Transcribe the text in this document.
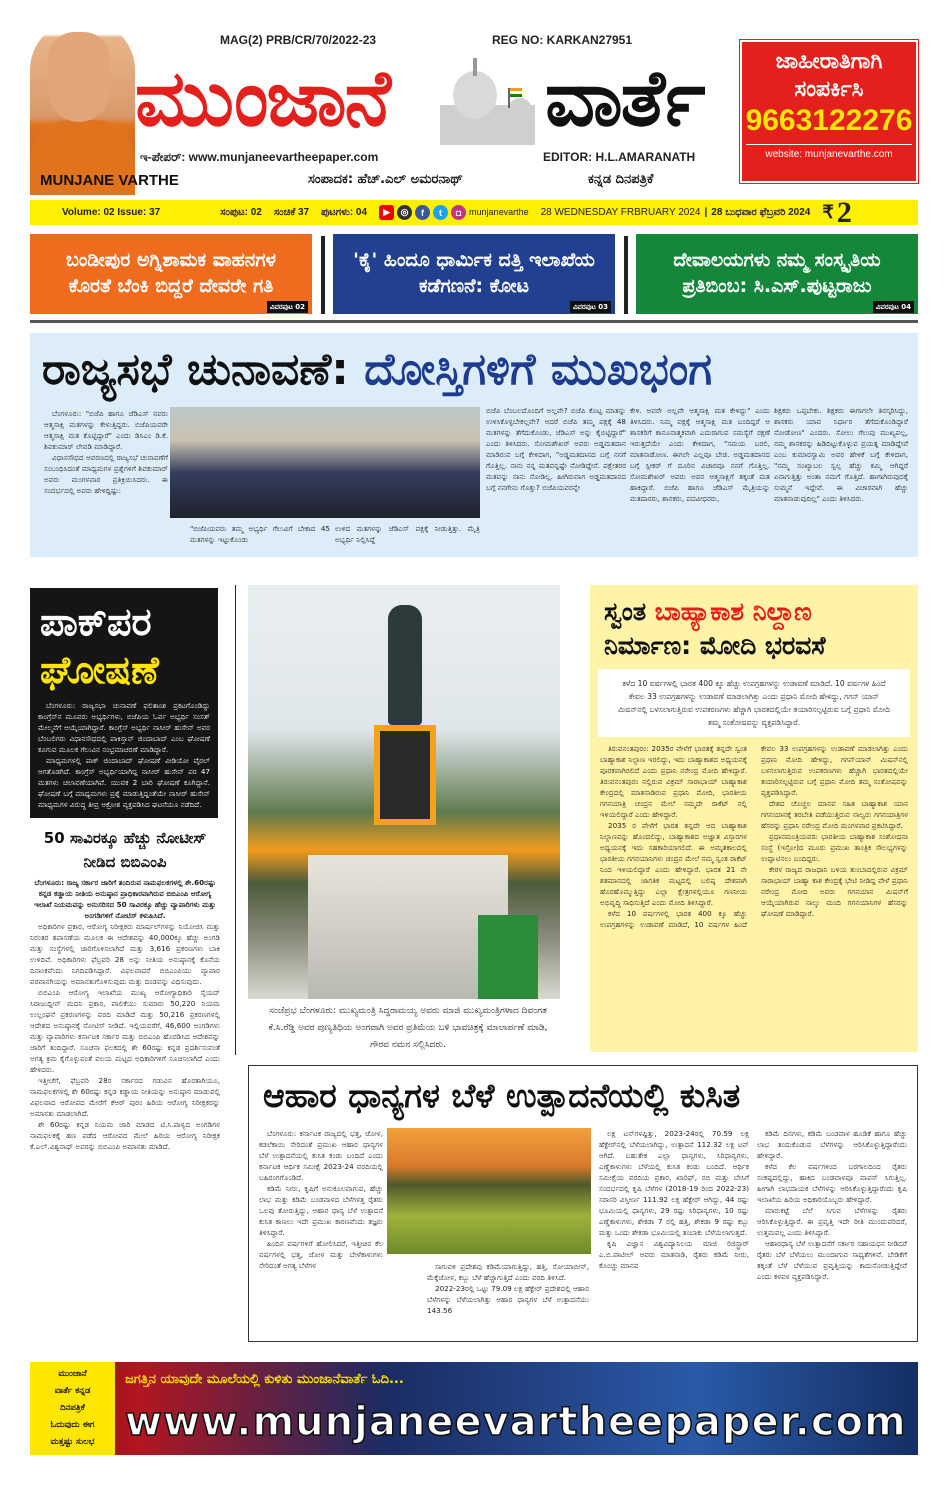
MAG(2) PRB/CR/70/2022-23	REG NO: KARKAN27951
ಮುಂಜಾನೆ ವಾರ್ತೆ
ಇ-ಪೇಪರ್: www.munjaneevartheepaper.com	EDITOR: H.L.AMARANATH
MUNJANE VARTHE	ಸಂಪಾದಕ: ಹೆಚ್.ಎಲ್ ಅಮರನಾಥ್	ಕನ್ನಡ ದಿನಪತ್ರಿಕೆ
ಜಾಹೀರಾತಿಗಾಗಿ
ಸಂಪರ್ಕಿಸಿ
9663122276
website: munjanevarthe.com
Volume: 02 Issue: 37	ಸಂಪುಟ: 02 ಸಂಚಿಕೆ 37 ಪುಟಗಳು: 04	▶	◎	f	t	◘ munjanevarthe 28 WEDNESDAY FRBRUARY 2024 | 28 ಬುಧವಾರ ಫೆಬ್ರವರಿ 2024 ₹ 2
ಬಂಡೀಪುರ ಅಗ್ನಿಶಾಮಕ ವಾಹನಗಳ ಕೊರತೆ ಬೆಂಕಿ ಬಿದ್ದರೆ ದೇವರೇ ಗತಿ
ವಿವರಪುಟ 02
'ಕೈ' ಹಿಂದೂ ಧಾರ್ಮಿಕ ದತ್ತಿ ಇಲಾಖೆಯ ಕಡೆಗಣನೆ: ಕೋಟ
ವಿವರಪುಟ 03
ದೇವಾಲಯಗಳು ನಮ್ಮ ಸಂಸ್ಕೃತಿಯ ಪ್ರತಿಬಿಂಬ: ಸಿ.ಎಸ್.ಪುಟ್ಟರಾಜು
ವಿವರಪುಟ 04
ರಾಜ್ಯಸಭೆ ಚುನಾವಣೆ: ದೋಸ್ತಿಗಳಿಗೆ ಮುಖಭಂಗ

ಬೆಂಗಳೂರು: "ಬಿಜೆಪಿ ಹಾಗೂ ಜೆಡಿಎಸ್ ನವರು ಆತ್ಮಸಾಕ್ಷಿ ಮತಗಳನ್ನು ಕೇಳುತ್ತಿದ್ದರು. ಬಿಜೆಪಿಯವರೇ ಆತ್ಮಸಾಕ್ಷಿ ಮತ ಕೊಟ್ಟಿದ್ದಾರೆ" ಎಂದು ಡಿಸಿಎಂ ಡಿ.ಕೆ. ಶಿವಕುಮಾರ್ ಲೇವಡಿ ಮಾಡಿದ್ದಾರೆ.

ವಿಧಾನಸೌಧದ ಆವರಣದಲ್ಲಿ ರಾಜ್ಯಸಭೆ ಚುನಾವಣೆಗೆ ಸಂಬಂಧಿಸಿದಂತೆ ಮಾಧ್ಯಮಗಳ ಪ್ರಶ್ನೆಗಳಿಗೆ ಶಿವಕುಮಾರ್ ಅವರು ಮಂಗಳವಾರ ಪ್ರತಿಕ್ರಿಯಿಸಿದರು. ಈ ಸಂದರ್ಭದಲ್ಲಿ ಅವರು ಹೇಳಿದ್ದಿಷ್ಟು:

"ಬಿಜೆಪಿಯವರು ತಮ್ಮ ಅಭ್ಯರ್ಥಿ ಗೆಲುವಿಗೆ ಬೇಕಾದ 45 ಮತಗಳನ್ನು ಇಟ್ಟುಕೊಂಡು
ಉಳಿದ ಮತಗಳನ್ನು ಜೆಡಿಎಸ್ ಪಕ್ಷಕ್ಕೆ ನೀಡುತ್ತಿತ್ತು. ಮೈತ್ರಿ ಅಭ್ಯರ್ಥಿ ನಿಲ್ಲಿಸಿದ್ದೆ
ಬಿಜೆಪಿ ಬೆಂಬಲದೊಂದಿಗೆ ಅಲ್ಲವೇ? ಬಿಜೆಪಿ ಕೊಟ್ಟ ಮಾತನ್ನು ಉಳಿಸಿಕೊಳ್ಳಬೇಕಲ್ಲವೇ? ಆದರೆ ಬಿಜೆಪಿ ತಮ್ಮ ಪಕ್ಷಕ್ಕೆ 48 ಮತಗಳನ್ನು ತೆಗೆದುಕೊಂಡು, ಜೆಡಿಎಸ್ ಅನ್ನು ಕೈಬಿಟ್ಟಿದ್ದಾರೆ" ಎಂದು ತಿಳಿಸಿದರು. ಸೋಮಶೇಖರ್ ಅವರು ಅಡ್ಡಮತದಾನ ಮಾಡಿರುವ ಬಗ್ಗೆ ಕೇಳಿದಾಗ, "ಅಡ್ಡಮತದಾನದ ಬಗ್ಗೆ ನನಗೆ ಗೊತ್ತಿಲ್ಲ. ನಾನು ನನ್ನ ಮತವನ್ನಷ್ಟೇ ನೋಡಿದ್ದೇನೆ. ಪಕ್ಷೇತರರ ಮತವನ್ನು ನಾನು ನೋಡಿಲ್ಲ. ಹೀಗಿರುವಾಗ ಅಡ್ಡಮತದಾನದ ಬಗ್ಗೆ ನನಗೇನು ಗೊತ್ತು? ಬಿಜೆಪಿಯವರನ್ನೇ
ಕೇಳಿ. ಅವರೇ ಅಲ್ಲವೇ ಆತ್ಮಸಾಕ್ಷಿ ಮತ ಕೇಳಿದ್ದು" ಎಂದು ತಿಳಿಸಿದರು. ನಿಮ್ಮ ಪಕ್ಷಕ್ಕೆ ಆತ್ಮಸಾಕ್ಷಿ ಮತ ಬಂದಿದ್ದರೆ ಆ ಶಾಸಕರಿಗೆ ಕಾನೂನಾತ್ಮಕವಾಗಿ ಎದುರಾಗುವ ಸಮಸ್ಯೆಗೆ ರಕ್ಷಣೆ ಇರುತ್ತದೆಯೇ ಎಂದು ಕೇಳಿದಾಗ, "ಸಮಯ ಬರಲಿ, ಮಾತನಾಡೋಣ. ಈಗಲೇ ಎಲ್ಲವೂ ಬೇಡ. ಅಡ್ಡಮತದಾನದ ಬಗ್ಗೆ ಸ್ಪೀಕರ್ ಗೆ ದೂರಿನ ವಿಚಾರವೂ ನನಗೆ ಗೊತ್ತಿಲ್ಲ. ಸೋಮಶೇಖರ್ ಅವರು ಅವರ ಆತ್ಮಸಾಕ್ಷಿಗೆ ತಕ್ಕಂತೆ ಮತ ಹಾಕಿದ್ದಾರೆ. ಬಿಜೆಪಿ ಹಾಗೂ ಜೆಡಿಎಸ್ ಮೈತ್ರಿಯನ್ನು ಮತದಾರರು, ಶಾಸಕರು, ಪದವೀಧರರು,
ಶಿಕ್ಷಕರು ಒಪ್ಪಬೇಕು. ಶಿಕ್ಷಕರು ಈಗಾಗಲೇ ತಿರಸ್ಕರಿಸಿದ್ದು, ಶಾಸಕರು ಯಾವ ನಿರ್ಧಾರ ತೆಗೆದುಕೊಂಡಿದ್ದಾರೆ ನೋಡೋಣ" ಎಂದರು. ಸೋಲು ಗೆಲುವು ಮುಖ್ಯವಲ್ಲ, ನಮ್ಮ ಶಾಸಕರನ್ನು ಹಿಡಿದಿಟ್ಟುಕೊಳ್ಳುವ ಪ್ರಯತ್ನ ಮಾಡಿದ್ದೇವೆ ಎಂಬ ಕುಮಾರಸ್ವಾಮಿ ಅವರ ಹೇಳಿಕೆ ಬಗ್ಗೆ ಕೇಳಿದಾಗ, "ನಮ್ಮ ಸಂಖ್ಯಾಬಲ ಸ್ವಲ್ಪ ಹೆಚ್ಚು ಕಮ್ಮಿ ಆಗಿದ್ದರೆ ಏನಾಗುತ್ತಿತ್ತು ಅಂತಾ ನಮಗೆ ಗೊತ್ತಿದೆ. ಹಾಗಾಗಿರುವುದಕ್ಕೆ ಸುಮ್ಮನೆ ಇದ್ದೇವೆ. ಈ ವಿಚಾರವಾಗಿ ಹೆಚ್ಚು ಮಾತನಾಡುವುದಿಲ್ಲ" ಎಂದು ತಿಳಿಸಿದರು.
ಪಾಕ್‌ಪರ
ಘೋಷಣೆ

ಬೆಂಗಳೂರು: ರಾಜ್ಯಸಭಾ ಚುನಾವಣೆ ಫಲಿತಾಂಶ ಪ್ರಕಟಗೊಂಡಿದ್ದು ಕಾಂಗ್ರೆಸ್‌ನ ಮೂವರು ಅಭ್ಯರ್ಥಿಗಳು, ಬಿಜೆಪಿಯ ಓರ್ವ ಅಭ್ಯರ್ಥಿ ಸಂಸತ್ ಮೇಲ್ಮನೆಗೆ ಆಯ್ಕೆಯಾಗಿದ್ದಾರೆ. ಕಾಂಗ್ರೆಸ್ ಅಭ್ಯರ್ಥಿ ನಾಸೀರ್ ಹುಸೇನ್ ಅವರ ಬೆಂಬಲಿಗರು ವಿಧಾನಸೌಧದಲ್ಲಿ ಪಾಕಿಸ್ತಾನ್ ಜಿಂದಾಬಾದ್ ಎಂಬ ಘೋಷಣೆ ಕೂಗುವ ಮೂಲಕ ಗೆಲುವಿನ ಸಂಭ್ರಮಾಚರಣೆ ಮಾಡಿದ್ದಾರೆ.

ಮಾಧ್ಯಮಗಳಲ್ಲಿ ಪಾಕ್ ಜಿಂದಾಬಾದ್ ಘೋಷಣೆ ವೀಡಿಯೋ ವೈರಲ್ ಆಗತೊಡಗಿದೆ. ಕಾಂಗ್ರೆಸ್ ಅಭ್ಯರ್ಥಿಯಾಗಿದ್ದ ನಾಸೀರ್ ಹುಸೇನ್ ಪರ 47 ಮತಗಳು ಚಲಾವಣೆಯಾಗಿವೆ. ಯುವಕ 2 ಬಾರಿ ಘೋಷಣೆ ಕೂಗಿದ್ದಾನೆ. ಘೋಷಣೆ ಬಗ್ಗೆ ಮಾಧ್ಯಮಗಳು ಪ್ರಶ್ನೆ ಮಾಡುತ್ತಿದ್ದಂತೆಯೇ ನಾಸೀರ್ ಹುಸೇನ್ ಮಾಧ್ಯಮಗಳ ವಿರುದ್ಧ ತೀವ್ರ ಆಕ್ರೋಶ ವ್ಯಕ್ತಪಡಿಸಿದ ಘಟನೆಯೂ ನಡೆದಿದೆ.

50 ಸಾವಿರಕ್ಕೂ ಹೆಚ್ಚು ನೋಟೀಸ್ ನೀಡಿದ ಬಿಬಿಎಂಪಿ
ಬೆಂಗಳೂರು: ರಾಜ್ಯ ಸರ್ಕಾರ ಜಾರಿಗೆ ತಂದಿರುವ ನಾಮಫಲಕಗಳಲ್ಲಿ ಶೇ.60ರಷ್ಟು ಕನ್ನಡ ಕಡ್ಡಾಯ ನೀತಿಯ ಅನುಷ್ಠಾನ ಪ್ರಾಧಿಕಾರವಾಗಿರುವ ಬಿಬಿಎಂಪಿ ಆರೋಗ್ಯ ಇಲಾಖೆ ನಿಯಮವನ್ನು ಅನುಸರಿಸದ 50 ಸಾವಿರಕ್ಕೂ ಹೆಚ್ಚು ವ್ಯಾಪಾರಿಗಳು ಮತ್ತು ಅಂಗಡಿಗಳಿಗೆ ನೋಟಿಸ್ ಕಳುಹಿಸಿದೆ.

ಅಧಿಕಾರಿಗಳ ಪ್ರಕಾರ, ಆರೋಗ್ಯ ನಿರೀಕ್ಷಕರು ಮಾರ್ಷಲ್‌ಗಳನ್ನು ನಿಯೋಜಿಸಿ ಮತ್ತು ನಿರಂತರ ತಪಾಸಣೆಯ ಮೂಲಕ ಈ ಆದೇಶವನ್ನು 40,000ಕ್ಕೂ ಹೆಚ್ಚು ಅಂಗಡಿ ಮತ್ತು ಸಂಸ್ಥೆಗಳಲ್ಲಿ ಜಾರಿಗೊಳಿಸಲಾಗಿದೆ ಮತ್ತು 3,616 ಪ್ರಕರಣಗಳು ಬಾಕಿ ಉಳಿದಿವೆ. ಅಧಿಕಾರಿಗಳು ಫೆಬ್ರವರಿ 28 ಅನ್ನು ನೀತಿಯ ಅನುಷ್ಠಾನಕ್ಕೆ ಕೊನೆಯ ದಿನಾಂಕವೆಂದು ನಿಗದಿಪಡಿಸಿದ್ದಾರೆ. ವಿಫಲವಾದರೆ ಬಿಬಿಎಂಪಿಯು ವ್ಯಾಪಾರ ಪರವಾನಗಿಯನ್ನು ಅಮಾನತುಗೊಳಿಸುವುದು ಮತ್ತು ದಂಡವನ್ನು ವಿಧಿಸುವುದು.

ಬಿಬಿಎಂಪಿ ಆರೋಗ್ಯ ಇಲಾಖೆಯ ಮುಖ್ಯ ಆರೋಗ್ಯಾಧಿಕಾರಿ ಸೈಯದ್ ಸಿರಾಜುದ್ದೀನ್ ಮದನಿ ಪ್ರಕಾರ, ಪಾಲಿಕೆಯು ಸುಮಾರು 50,220 ನಿಯಮ ಉಲ್ಲಂಘನೆ ಪ್ರಕರಣಗಳನ್ನು ವರದಿ ಮಾಡಿದೆ ಮತ್ತು 50,216 ಪ್ರಕರಣಗಳಲ್ಲಿ ಆದೇಶದ ಅನುಷ್ಠಾನಕ್ಕೆ ನೋಟಿಸ್ ನೀಡಿದೆ. ಇಲ್ಲಿಯವರೆಗೆ, 46,600 ಅಂಗಡಿಗಳು ಮತ್ತು ವ್ಯಾಪಾರಿಗಳು ಕರ್ನಾಟಕ ಸರ್ಕಾರ ಮತ್ತು ಬಿಬಿಎಂಪಿ ಹೊರಡಿಸಿದ ಆದೇಶವನ್ನು ಜಾರಿಗೆ ತಂದಿದ್ದಾರೆ. ಸೂಚನಾ ಫಲಕದಲ್ಲಿ ಶೇ 60ರಷ್ಟು ಕನ್ನಡ ಪ್ರದರ್ಶಿಸುವಂತೆ ಅಗತ್ಯ ಕ್ರಮ ಕೈಗೊಳ್ಳುವಂತೆ ವಲಯ ಮಟ್ಟದ ಅಧಿಕಾರಿಗಳಿಗೆ ಸೂಚಿಸಲಾಗಿದೆ ಎಂದು ಹೇಳಿದರು.

ಇತ್ತೀಚೆಗೆ, ಫೆಬ್ರವರಿ 28ರ ಸರ್ಕಾರದ ಗಡುವಿನ ಹೊರತಾಗಿಯೂ, ನಾಮಫಲಕಗಳಲ್ಲಿ ಶೇ 60ರಷ್ಟು ಕನ್ನಡ ಕಡ್ಡಾಯ ನೀತಿಯನ್ನು ಅನುಷ್ಠಾನ ಮಾಡುವಲ್ಲಿ ವಿಫಲವಾದ ಆರೋಪದ ಮೇರೆಗೆ ಕೆಆರ್ ಪುರಂ ಹಿರಿಯ ಆರೋಗ್ಯ ನಿರೀಕ್ಷಕರನ್ನು ಅಮಾನತು ಮಾಡಲಾಗಿದೆ.

ಶೇ 60ರಷ್ಟು ಕನ್ನಡ ನಿಯಮ ಜಾರಿ ಮಾಡದ ಟಿ.ಸಿ.ಪಾಳ್ಯದ ಅಂಗಡಿಗಳ ನಾಮಫಲಕಕ್ಕೆ ಹಣ ಪಡೆದ ಆರೋಪದ ಮೇಲೆ ಹಿರಿಯ ಆರೋಗ್ಯ ನಿರೀಕ್ಷಕ ಕೆ.ಎಲ್.ವಿಶ್ವನಾಥ್ ಅವರನ್ನು ಬಿಬಿಎಂಪಿ ಅಮಾನತು ಮಾಡಿದೆ.

ಸಂಜೆಪ್ರಭ ಬೆಂಗಳೂರು: ಮುಖ್ಯಮಂತ್ರಿ ಸಿದ್ಧರಾಮಯ್ಯ ಅವರು ಮಾಜಿ ಮುಖ್ಯಮಂತ್ರಿಗಳಾದ ದಿವಂಗತ ಕೆ.ಸಿ.ರೆಡ್ಡಿ ಅವರ ಪುಣ್ಯತಿಥಿಯ ಅಂಗವಾಗಿ ಅವರ ಪ್ರತಿಮೆಯ ಬಳಿ ಭಾವಚಿತ್ರಕ್ಕೆ ಮಾಲಾರ್ಪಣೆ ಮಾಡಿ, ಗೌರವ ನಮನ ಸಲ್ಲಿಸಿದರು.
ಸ್ವಂತ ಬಾಹ್ಯಾಕಾಶ ನಿಲ್ದಾಣ
ನಿರ್ಮಾಣ: ಮೋದಿ ಭರವಸೆ
ಕಳೆದ 10 ವರ್ಷಗಳಲ್ಲಿ ಭಾರತ 400 ಕ್ಕೂ ಹೆಚ್ಚು ಉಪಗ್ರಹಗಳನ್ನು ಉಡಾವಣೆ ಮಾಡಿದೆ. 10 ವರ್ಷಗಳ ಹಿಂದೆ ಕೇವಲ 33 ಉಪಗ್ರಹಗಳನ್ನು ಉಡಾವಣೆ ಮಾಡಲಾಗಿತ್ತು ಎಂದು ಪ್ರಧಾನಿ ಮೋದಿ ಹೇಳಿದ್ದು, ಗಗನ್ ಯಾನ್ ಮಿಷನ್‌ನಲ್ಲಿ ಬಳಸಲಾಗುತ್ತಿರುವ ಉಪಕರಣಗಳು ಹೆಚ್ಚಾಗಿ ಭಾರತದಲ್ಲಿಯೇ ತಯಾರಿಸಲ್ಪಟ್ಟಿರುವ ಬಗ್ಗೆ ಪ್ರಧಾನಿ ಮೋದಿ ತಮ್ಮ ಸಂತೋಷವನ್ನು ವ್ಯಕ್ತಪಡಿಸಿದ್ದಾರೆ.

ತಿರುವನಂತಪುರಂ: 2035ರ ವೇಳೆಗೆ ಭಾರತಕ್ಕೆ ತನ್ನದೇ ಸ್ವಂತ ಬಾಹ್ಯಾಕಾಶ ನಿಲ್ದಾಣ ಇರಲಿದ್ದು, ಇದು ಬಾಹ್ಯಾಕಾಶದ ಅಧ್ಯಯನಕ್ಕೆ ಪೂರಕವಾಗಿರಲಿದೆ ಎಂದು ಪ್ರಧಾನಿ ನರೇಂದ್ರ ಮೋದಿ ಹೇಳಿದ್ದಾರೆ. ತಿರುವನಂತಪುರಂ ನಲ್ಲಿರುವ ವಿಕ್ರಮ್ ಸಾರಾಭಾಯ್ ಬಾಹ್ಯಾಕಾಶ ಕೇಂದ್ರದಲ್ಲಿ ಮಾತನಾಡಿರುವ ಪ್ರಧಾನಿ ಮೋದಿ, ಭಾರತೀಯ ಗಗನಯಾತ್ರಿ ಚಂದ್ರನ ಮೇಲೆ ನಮ್ಮದೇ ರಾಕೆಟ್ ನಲ್ಲಿ ಇಳಿಯಲಿದ್ದಾರೆ ಎಂದು ಹೇಳಿದ್ದಾರೆ.

2035 ರ ವೇಳೆಗೆ ಭಾರತ ತನ್ನದೇ ಆದ ಬಾಹ್ಯಾಕಾಶ ನಿಲ್ದಾಣವನ್ನು ಹೊಂದಲಿದ್ದು, ಬಾಹ್ಯಾಕಾಶದ ಅಜ್ಞಾತ ವಿಸ್ತಾರಗಳ ಅಧ್ಯಯನಕ್ಕೆ ಇದು ಸಹಕಾರಿಯಾಗಲಿದೆ. ಈ ಅಮೃತಕಾಲದಲ್ಲಿ ಭಾರತೀಯ ಗಗನಯಾನಿಗಳು ಚಂದ್ರನ ಮೇಲೆ ನಮ್ಮ ಸ್ವಂತ ರಾಕೆಟ್ ನಿಂದ ಇಳಿಯಲಿದ್ದಾರೆ ಎಂದು ಹೇಳಿದ್ದಾರೆ. ಭಾರತ 21 ನೇ ಶತಮಾನದಲ್ಲಿ ಜಾಗತಿಕ ಮಟ್ಟದಲ್ಲಿ ಬಲಿಷ್ಠ ದೇಶವಾಗಿ ಹೊರಹೊಮ್ಮುತ್ತಿದ್ದು ಎಲ್ಲಾ ಕ್ಷೇತ್ರಗಳಲ್ಲಿಯೂ ಗಣನೀಯ ಅಭಿವೃದ್ಧಿ ಸಾಧಿಸುತ್ತಿದೆ ಎಂದು ಮೋದಿ ತಿಳಿಸಿದ್ದಾರೆ.

ಕಳೆದ 10 ವರ್ಷಗಳಲ್ಲಿ ಭಾರತ 400 ಕ್ಕೂ ಹೆಚ್ಚು ಉಪಗ್ರಹಗಳನ್ನು ಉಡಾವಣೆ ಮಾಡಿದೆ, 10 ವರ್ಷಗಳ ಹಿಂದೆ ಕೇವಲ 33 ಉಪಗ್ರಹಗಳನ್ನು ಉಡಾವಣೆ ಮಾಡಲಾಗಿತ್ತು ಎಂದು ಪ್ರಧಾನಿ ಮೋದಿ ಹೇಳಿದ್ದು, ಗಗನ್‌ಯಾನ್ ಮಿಷನ್‌ನಲ್ಲಿ ಬಳಸಲಾಗುತ್ತಿರುವ ಉಪಕರಣಗಳು ಹೆಚ್ಚಾಗಿ ಭಾರತದಲ್ಲಿಯೇ ತಯಾರಿಸಲ್ಪಟ್ಟಿರುವ ಬಗ್ಗೆ ಪ್ರಧಾನಿ ಮೋದಿ ತಮ್ಮ ಸಂತೋಷವನ್ನು ವ್ಯಕ್ತಪಡಿಸಿದ್ದಾರೆ.

ದೇಶದ ಚೊಚ್ಚಲ ಮಾನವ ಸಹಿತ ಬಾಹ್ಯಾಕಾಶ ಯಾನ ಗಗನಯಾನಕ್ಕೆ ತರಬೇತಿ ಪಡೆಯುತ್ತಿರುವ ನಾಲ್ವರು ಗಗನಯಾತ್ರಿಗಳ ಹೆಸರನ್ನು ಪ್ರಧಾನಿ ನರೇಂದ್ರ ಮೋದಿ ಮಂಗಳವಾರ ಪ್ರಕಟಿಸಿದ್ದಾರೆ.

ಪ್ರಧಾನಮಂತ್ರಿಯವರು ಭಾರತೀಯ ಬಾಹ್ಯಾಕಾಶ ಸಂಶೋಧನಾ ಸಂಸ್ಥೆ (ಇಸ್ರೋ)ದ ಮೂರು ಪ್ರಮುಖ ತಾಂತ್ರಿಕ ಸೌಲಭ್ಯಗಳನ್ನು ಉದ್ಘಾಟಿಸಲು ಬಂದಿದ್ದರು.

ಕೇರಳ ರಾಜ್ಯದ ರಾಜಧಾನಿ ಬಳಿಯ ತುಂಬಾದಲ್ಲಿರುವ ವಿಕ್ರಮ್ ಸಾರಾಭಾಯ್ ಬಾಹ್ಯಾ ಕಾಶ ಕೇಂದ್ರಕ್ಕೆ ಭೇಟಿ ನೀಡಿದ್ದ ವೇಳೆ ಪ್ರಧಾನಿ ನರೇಂದ್ರ ಮೋದಿ ಅವರು ಗಗನಯಾನ ಮಿಷನ್‌ಗೆ ಆಯ್ಕೆಯಾಗಿರುವ ನಾಲ್ಕು ಮಂದಿ ಗಗನಯಾನಿಗಳ ಹೆಸರನ್ನು ಘೋಷಣೆ ಮಾಡಿದ್ದಾರೆ.

ಆಹಾರ ಧಾನ್ಯಗಳ ಬೆಳೆ ಉತ್ಪಾದನೆಯಲ್ಲಿ ಕುಸಿತ

ಬೆಂಗಳೂರು: ಕರ್ನಾಟಕ ರಾಜ್ಯದಲ್ಲಿ ಭತ್ತ, ಜೋಳ, ಕಡಲೆಕಾಯಿ ಸೇರಿದಂತೆ ಪ್ರಮುಖ ಆಹಾರ ಧಾನ್ಯಗಳ ಬೆಳೆ ಉತ್ಪಾದನೆಯಲ್ಲಿ ಕುಸಿತ ಕಂಡು ಬಂದಿದೆ ಎಂದು ಕರ್ನಾಟಕ ಆರ್ಥಿಕ ಸಮೀಕ್ಷೆ 2023-24 ವರದಿಯಲ್ಲಿ ಬಹಿರಂಗಗೊಂಡಿದೆ.

ಕಡಿಮೆ ನೀರು, ಕೃಷಿಗೆ ಅನುಕೂಲವಾಗುವ, ಹೆಚ್ಚು ಲಾಭ ಮತ್ತು ಕಡಿಮೆ ಬಂಡವಾಳದ ಬೆಳೆಗಳತ್ತ ರೈತರು ಒಲವು ತೋರುತ್ತಿದ್ದು, ಆಹಾರ ಧಾನ್ಯ ಬೆಳೆ ಉತ್ಪಾದನೆ ಕುಸಿತ ಕಾಣಲು ಇದೇ ಪ್ರಮುಖ ಕಾರಣವೆಂದು ತಜ್ಞರು ತಿಳಿಸಿದ್ದಾರೆ.

ಹಿಂದಿನ ವರ್ಷಗಳಿಗೆ ಹೋಲಿಸಿದರೆ, ಇತ್ತೀಚಿನ ಕೆಲ ವರ್ಷಗಳಲ್ಲಿ ಭತ್ತ, ಜೋಳ ಮತ್ತು ಬೇಳೆಕಾಳುಗಳು ಸೇರಿದಂತೆ ಅಗತ್ಯ ಬೆಳೆಗಳ	ಸಾಗುವಳಿ ಪ್ರದೇಶವು ಕಡಿಮೆಯಾಗುತ್ತಿದ್ದು, ಹತ್ತಿ, ಸೋಯಾಬೀನ್, ಮೆಕ್ಕೆಜೋಳ, ಕಬ್ಬು ಬೆಳೆ ಹೆಚ್ಚಾಗುತ್ತಿದೆ ಎಂದು ವರದಿ ತಿಳಿಸಿದೆ.

2022-23ರಲ್ಲಿ ಒಟ್ಟು 79.09 ಲಕ್ಷ ಹೆಕ್ಟೇರ್ ಪ್ರದೇಶದಲ್ಲಿ ಆಹಾರ ಬೆಳೆಗಳನ್ನು ಬೆಳೆಯಲಾಗಿತ್ತು ಆಹಾರ ಧಾನ್ಯಗಳ ಬೆಳೆ ಉತ್ಪಾದನೆಯು 143.56

ಲಕ್ಷ ಟನ್‌ಗಳಷ್ಟಿತ್ತು, 2023-24ರಲ್ಲಿ 70.59 ಲಕ್ಷ ಹೆಕ್ಟೇರ್‌ನಲ್ಲಿ ಬೆಳೆಯಲಾಗಿದ್ದು, ಉತ್ಪಾದನೆ 112.32 ಲಕ್ಷ ಟನ್ ಆಗಿದೆ. ಬಹುತೇಕ ಎಲ್ಲಾ ಧಾನ್ಯಗಳು, ಸಿರಿಧಾನ್ಯಗಳು, ಎಣ್ಣೆಕಾಳುಗಳು ಬೆಳೆಯಲ್ಲಿ ಕುಸಿತ ಕಂಡು ಬಂದಿದೆ. ಆರ್ಥಿಕ ಸಮೀಕ್ಷೆಯ ವರದಿಯ ಪ್ರಕಾರ, ಖಾರಿಫ್, ರಬಿ ಮತ್ತು ಬೇಸಿಗೆ ಸಂದರ್ಭದಲ್ಲಿ ಕೃಷಿ ಬೆಳೆಗಳ (2018-19 ರಿಂದ 2022-23) ಸರಾಸರಿ ವಿಸ್ತೀರ್ಣ 111.92 ಲಕ್ಷ ಹೆಕ್ಟೇರ್ ಆಗಿದ್ದು, 44 ರಷ್ಟು ಭೂಮಿಯಲ್ಲಿ ಧಾನ್ಯಗಳು, 29 ರಷ್ಟು ಸಿರಿಧಾನ್ಯಗಳು, 10 ರಷ್ಟು ಎಣ್ಣೆಕಾಳುಗಳು, ಶೇಕಡಾ 7 ರಲ್ಲಿ ಹತ್ತಿ, ಶೇಕಡಾ 9 ರಷ್ಟು ಕಬ್ಬು ಮತ್ತು ಒಂದು ಶೇಕಡಾ ಭೂಮಿಯಲ್ಲಿ ತಂಬಾಕು ಬೆಳೆಯಲಾಗುತ್ತದೆ.

ಕೃಷಿ ವಿಜ್ಞಾನ ವಿಶ್ವವಿದ್ಯಾನಿಲಯ ಮಾಜಿ ರಿಜಿಸ್ಟ್ರಾರ್ ಎ.ಬಿ.ಪಾಟೀಲ್ ಅವರು ಮಾತನಾಡಿ, ರೈತರು ಕಡಿಮೆ ನೀರು, ಕೊಂಚ್ಚು ಮಾನವ

ಕಡಿಮೆ ದಿನಗಳು, ಕಡಿಮೆ ಬಂಡವಾಳ ಹೂಡಿಕೆ ಹಾಗೂ ಹೆಚ್ಚು ಲಾಭ ತಂದುಕೊಡುವ ಬೆಳೆಗಳನ್ನು ಆರಿಸಿಕೊಳ್ಳುತ್ತಿದ್ದಾರೆಂದು ಹೇಳಿದ್ದಾರೆ.

ಕಳೆದ ಕೆಲ ವರ್ಷಗಳಿಂದ ಬರಗಾಲದಿಂದ ರೈತರು ಸಂಕಷ್ಟದಲ್ಲಿದ್ದು, ಹಾಕಿದ ಬಂಡವಾಳವೂ ವಾಪಸ್ ಸಿಗುತ್ತಿಲ್ಲ. ಹೀಗಾಗಿ ಲಾಭದಾಯಕ ಬೆಳೆಗಳನ್ನು ಆರಿಸಿಕೊಳ್ಳುತ್ತಿದ್ದಾರೆಂದು ಕೃಷಿ ಇಲಾಖೆಯ ಹಿರಿಯ ಅಧಿಕಾರಿಯೊಬ್ಬರು ಹೇಳಿದ್ದಾರೆ.

ಮಾರುಕಟ್ಟೆ ಬೆಲೆ ಸಿಗುವ ಬೆಳೆಗಳನ್ನು ರೈತರು ಆರಿಸಿಕೊಳ್ಳುತ್ತಿದ್ದಾರೆ. ಈ ಪ್ರವೃತ್ತಿ ಇದೇ ರೀತಿ ಮುಂದುವರಿದರೆ, ಉತ್ತಮವಲ್ಲ ಎಂದು ತಿಳಿಸಿದ್ದಾರೆ.

ಆಹಾರಧಾನ್ಯ ಬೆಳೆ ಉತ್ಪಾದನೆಗೆ ಸರ್ಕಾರ ಸಹಾಯಧನ ನೀಡಿದರೆ ರೈತರು ಬೆಳೆ ಬೆಳೆಯಲು ಮುಂದಾಗುವ ಸಾಧ್ಯತೆಗಳಿವೆ. ಬೇಡಿಕೆಗೆ ತಕ್ಕಂತೆ ಬೆಳೆ ಬೆಳೆಯುವ ಪ್ರವೃತ್ತಿಯನ್ನು ಕಾದುನೋಡುತ್ತಿದ್ದೇವೆ ಎಂದು ಕಳವಳ ವ್ಯಕ್ತಪಡಿಸಿದ್ದಾರೆ.

ಮುಂಜಾನೆ
ವಾರ್ತೆ ಕನ್ನಡ
ದಿನಪತ್ರಿಕೆ
ಓದುವುದು ಈಗ
ಮತ್ತಷ್ಟು ಸುಲಭ
ಜಗತ್ತಿನ ಯಾವುದೇ ಮೂಲೆಯಲ್ಲಿ ಕುಳಿತು ಮುಂಜಾನೆವಾರ್ತೆ ಓದಿ...
www.munjaneevartheepaper.com
